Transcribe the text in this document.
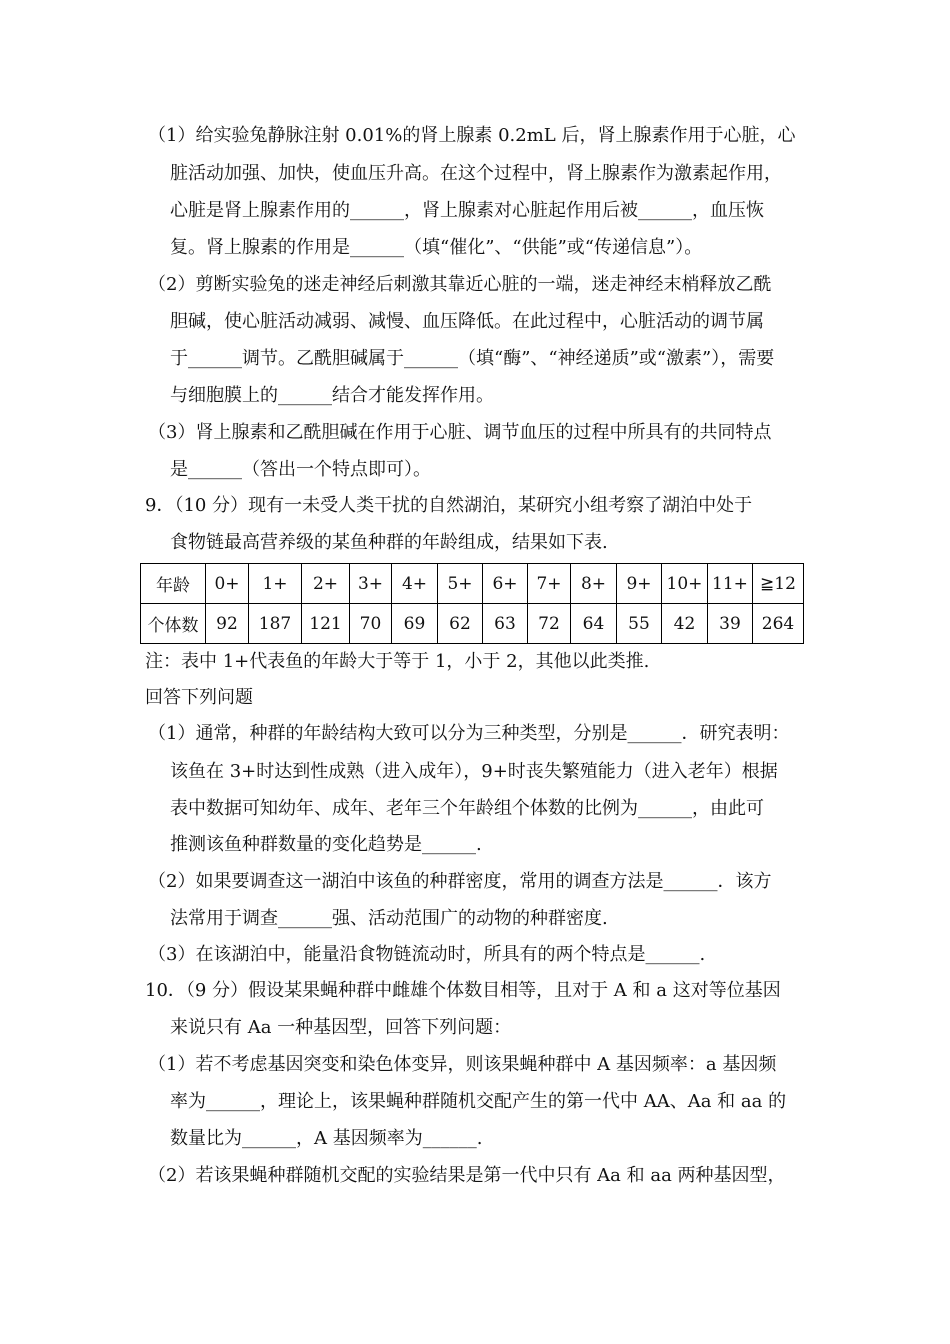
（1）给实验兔静脉注射 0.01%的肾上腺素 0.2mL 后，肾上腺素作用于心脏，心
脏活动加强、加快，使血压升高。在这个过程中，肾上腺素作为激素起作用，
心脏是肾上腺素作用的______，肾上腺素对心脏起作用后被______，血压恢
复。肾上腺素的作用是______（填“催化”、“供能”或“传递信息”）。
（2）剪断实验兔的迷走神经后刺激其靠近心脏的一端，迷走神经末梢释放乙酰
胆碱，使心脏活动减弱、减慢、血压降低。在此过程中，心脏活动的调节属
于______调节。乙酰胆碱属于______（填“酶”、“神经递质”或“激素”），需要
与细胞膜上的______结合才能发挥作用。
（3）肾上腺素和乙酰胆碱在作用于心脏、调节血压的过程中所具有的共同特点
是______（答出一个特点即可）。
9．（10 分）现有一未受人类干扰的自然湖泊，某研究小组考察了湖泊中处于
食物链最高营养级的某鱼种群的年龄组成，结果如下表.
年龄	0+	1+	2+	3+	4+	5+	6+	7+	8+	9+	10+	11+	≧12
个体数	92	187	121	70	69	62	63	72	64	55	42	39	264
注：表中 1+代表鱼的年龄大于等于 1，小于 2，其他以此类推.
回答下列问题
（1）通常，种群的年龄结构大致可以分为三种类型，分别是______．研究表明：
该鱼在 3+时达到性成熟（进入成年），9+时丧失繁殖能力（进入老年）根据
表中数据可知幼年、成年、老年三个年龄组个体数的比例为______，由此可
推测该鱼种群数量的变化趋势是______.
（2）如果要调查这一湖泊中该鱼的种群密度，常用的调查方法是______．该方
法常用于调查______强、活动范围广的动物的种群密度.
（3）在该湖泊中，能量沿食物链流动时，所具有的两个特点是______.
10．（9 分）假设某果蝇种群中雌雄个体数目相等，且对于 A 和 a 这对等位基因
来说只有 Aa 一种基因型，回答下列问题：
（1）若不考虑基因突变和染色体变异，则该果蝇种群中 A 基因频率：a 基因频
率为______，理论上，该果蝇种群随机交配产生的第一代中 AA、Aa 和 aa 的
数量比为______，A 基因频率为______.
（2）若该果蝇种群随机交配的实验结果是第一代中只有 Aa 和 aa 两种基因型，
